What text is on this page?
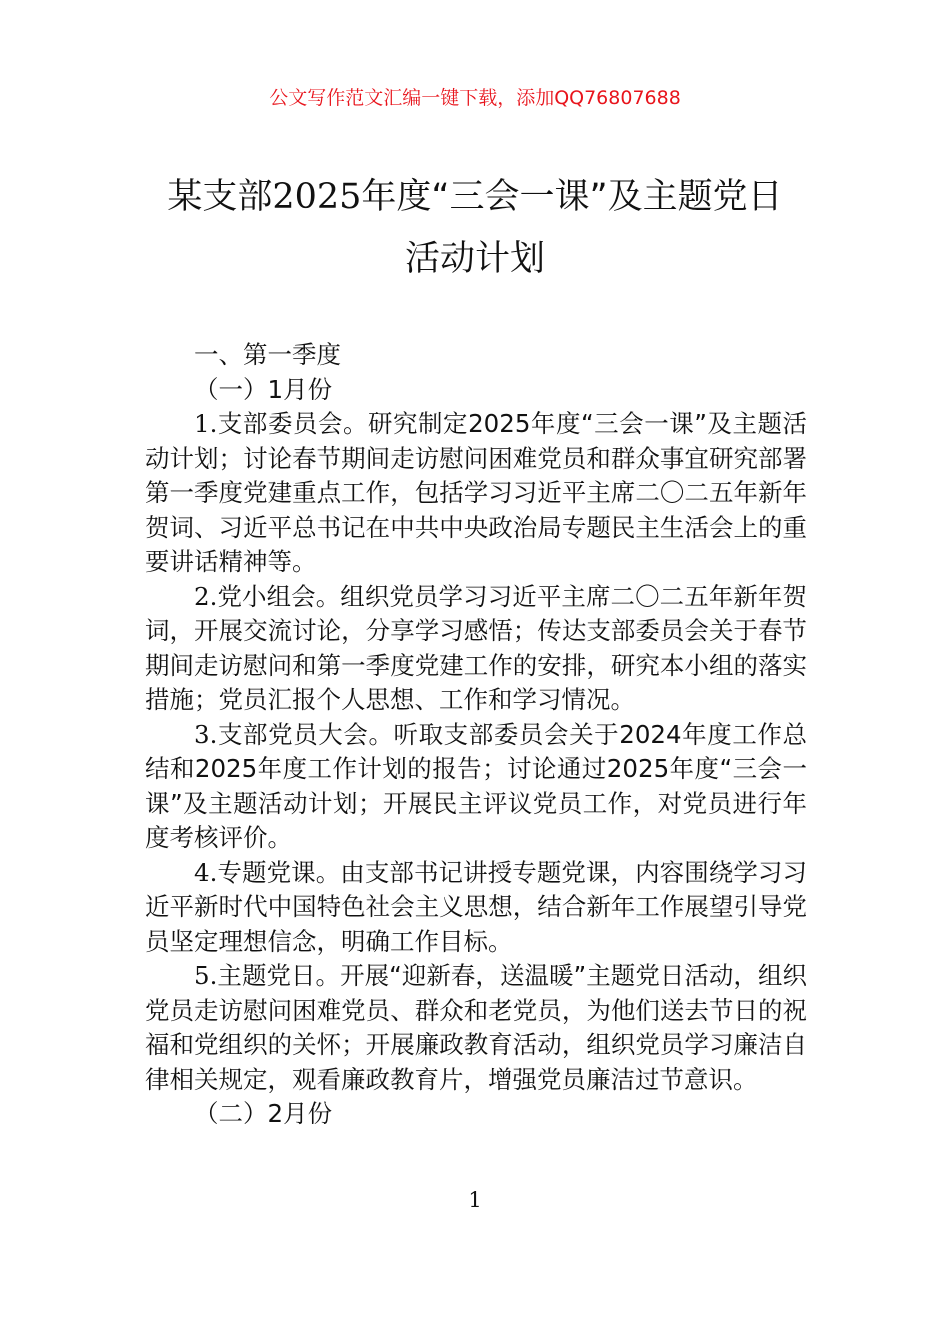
公文写作范文汇编一键下载，添加QQ76807688
某支部2025年度“三会一课”及主题党日
活动计划

一、第一季度

（一）1月份

1.支部委员会。研究制定2025年度“三会一课”及主题活动计划；讨论春节期间走访慰问困难党员和群众事宜研究部署第一季度党建重点工作，包括学习习近平主席二〇二五年新年贺词、习近平总书记在中共中央政治局专题民主生活会上的重要讲话精神等。

2.党小组会。组织党员学习习近平主席二〇二五年新年贺词，开展交流讨论，分享学习感悟；传达支部委员会关于春节期间走访慰问和第一季度党建工作的安排，研究本小组的落实措施；党员汇报个人思想、工作和学习情况。

3.支部党员大会。听取支部委员会关于2024年度工作总结和2025年度工作计划的报告；讨论通过2025年度“三会一课”及主题活动计划；开展民主评议党员工作，对党员进行年度考核评价。

4.专题党课。由支部书记讲授专题党课，内容围绕学习习近平新时代中国特色社会主义思想，结合新年工作展望引导党员坚定理想信念，明确工作目标。

5.主题党日。开展“迎新春，送温暖”主题党日活动，组织党员走访慰问困难党员、群众和老党员，为他们送去节日的祝福和党组织的关怀；开展廉政教育活动，组织党员学习廉洁自律相关规定，观看廉政教育片，增强党员廉洁过节意识。

（二）2月份

1
